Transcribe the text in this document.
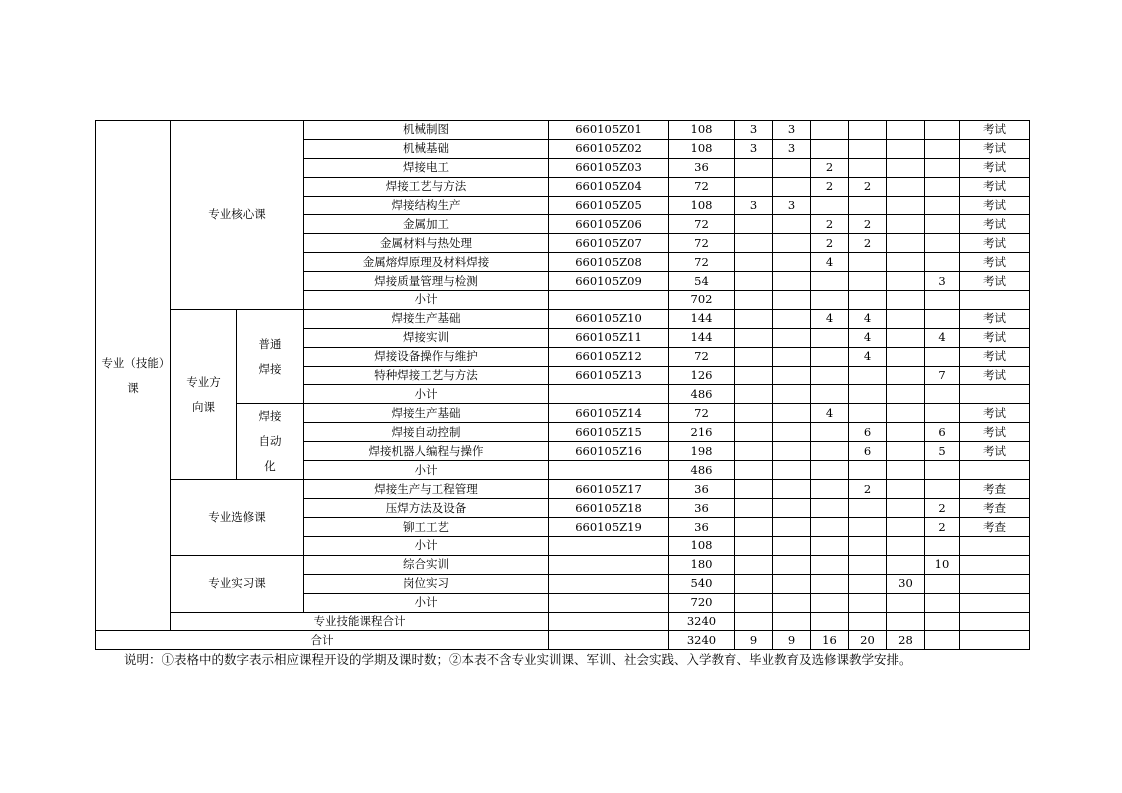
专业（技能）课	专业核心课		机械制图	660105Z01	108	3	3					考试
			机械基础	660105Z02	108	3	3					考试
			焊接电工	660105Z03	36			2				考试
			焊接工艺与方法	660105Z04	72			2	2			考试
			焊接结构生产	660105Z05	108	3	3					考试
			金属加工	660105Z06	72			2	2			考试
			金属材料与热处理	660105Z07	72			2	2			考试
			金属熔焊原理及材料焊接	660105Z08	72			4				考试
			焊接质量管理与检测	660105Z09	54						3	考试
			小计		702							
	专业方向课	普通焊接	焊接生产基础	660105Z10	144			4	4			考试
			焊接实训	660105Z11	144				4		4	考试
			焊接设备操作与维护	660105Z12	72				4			考试
			特种焊接工艺与方法	660105Z13	126						7	考试
			小计		486							
		焊接自动化	焊接生产基础	660105Z14	72			4				考试
			焊接自动控制	660105Z15	216				6		6	考试
			焊接机器人编程与操作	660105Z16	198				6		5	考试
			小计		486							
	专业选修课		焊接生产与工程管理	660105Z17	36				2			考查
			压焊方法及设备	660105Z18	36						2	考查
			铆工工艺	660105Z19	36						2	考查
			小计		108							
	专业实习课		综合实训		180						10	
			岗位实习		540					30		
			小计		720							
	专业技能课程合计				3240							
合计					3240	9	9	16	20	28		
说明：①表格中的数字表示相应课程开设的学期及课时数；②本表不含专业实训课、军训、社会实践、入学教育、毕业教育及选修课教学安排。
